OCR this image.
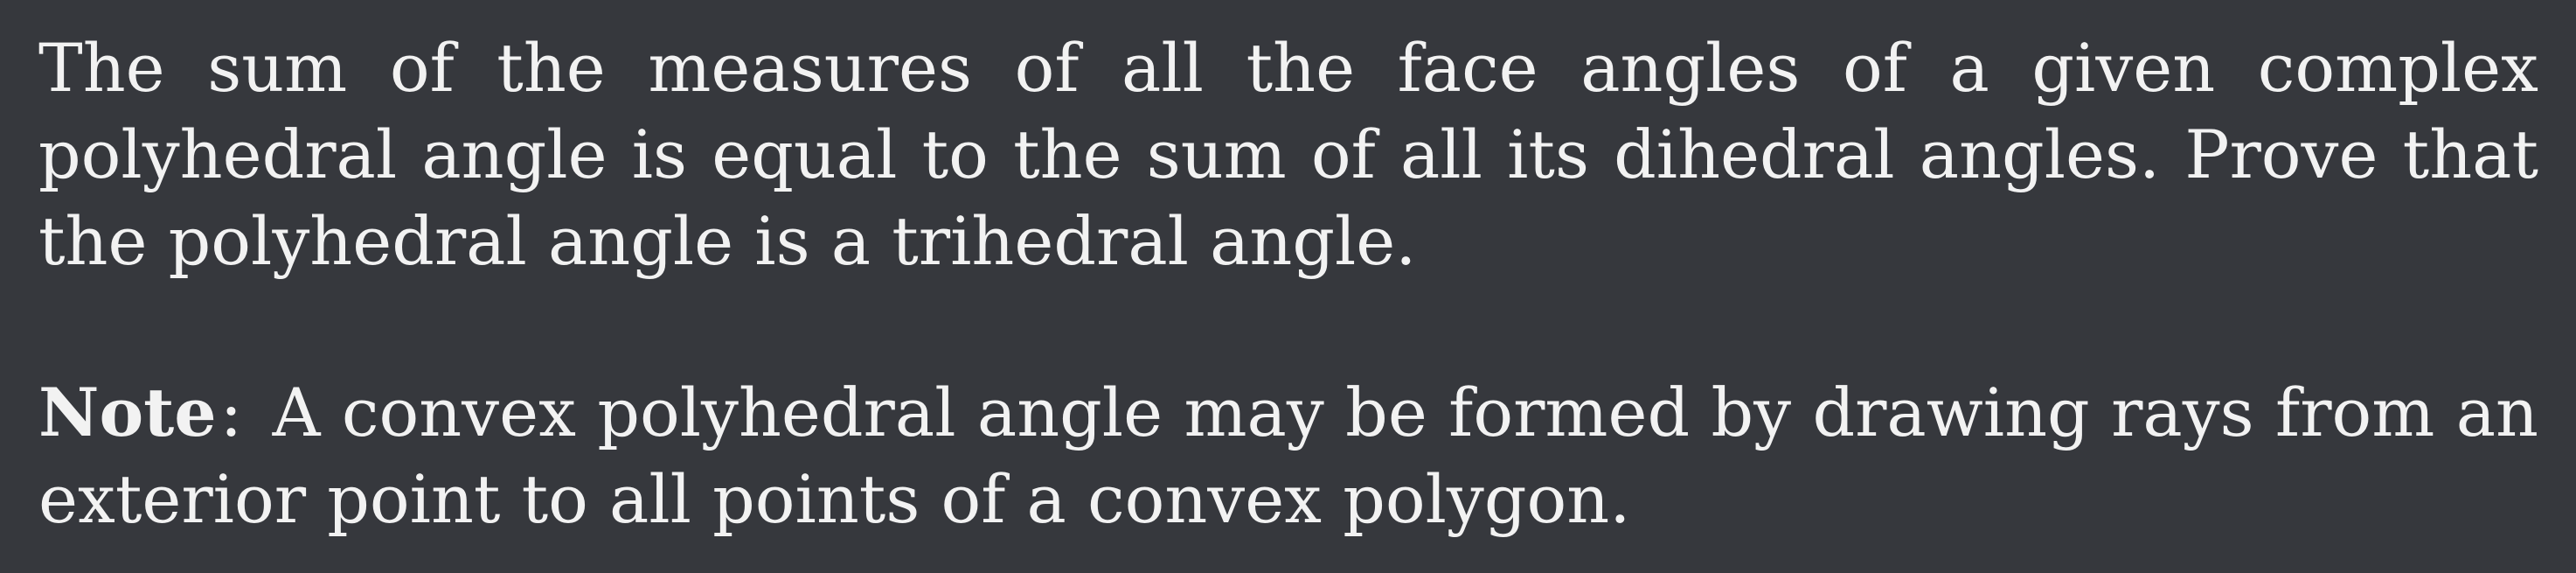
The sum of the measures of all the face angles of a given complex polyhedral angle is equal to the sum of all its dihedral angles. Prove that the polyhedral angle is a trihedral angle.

Note: A convex polyhedral angle may be formed by drawing rays from an exterior point to all points of a convex polygon.
